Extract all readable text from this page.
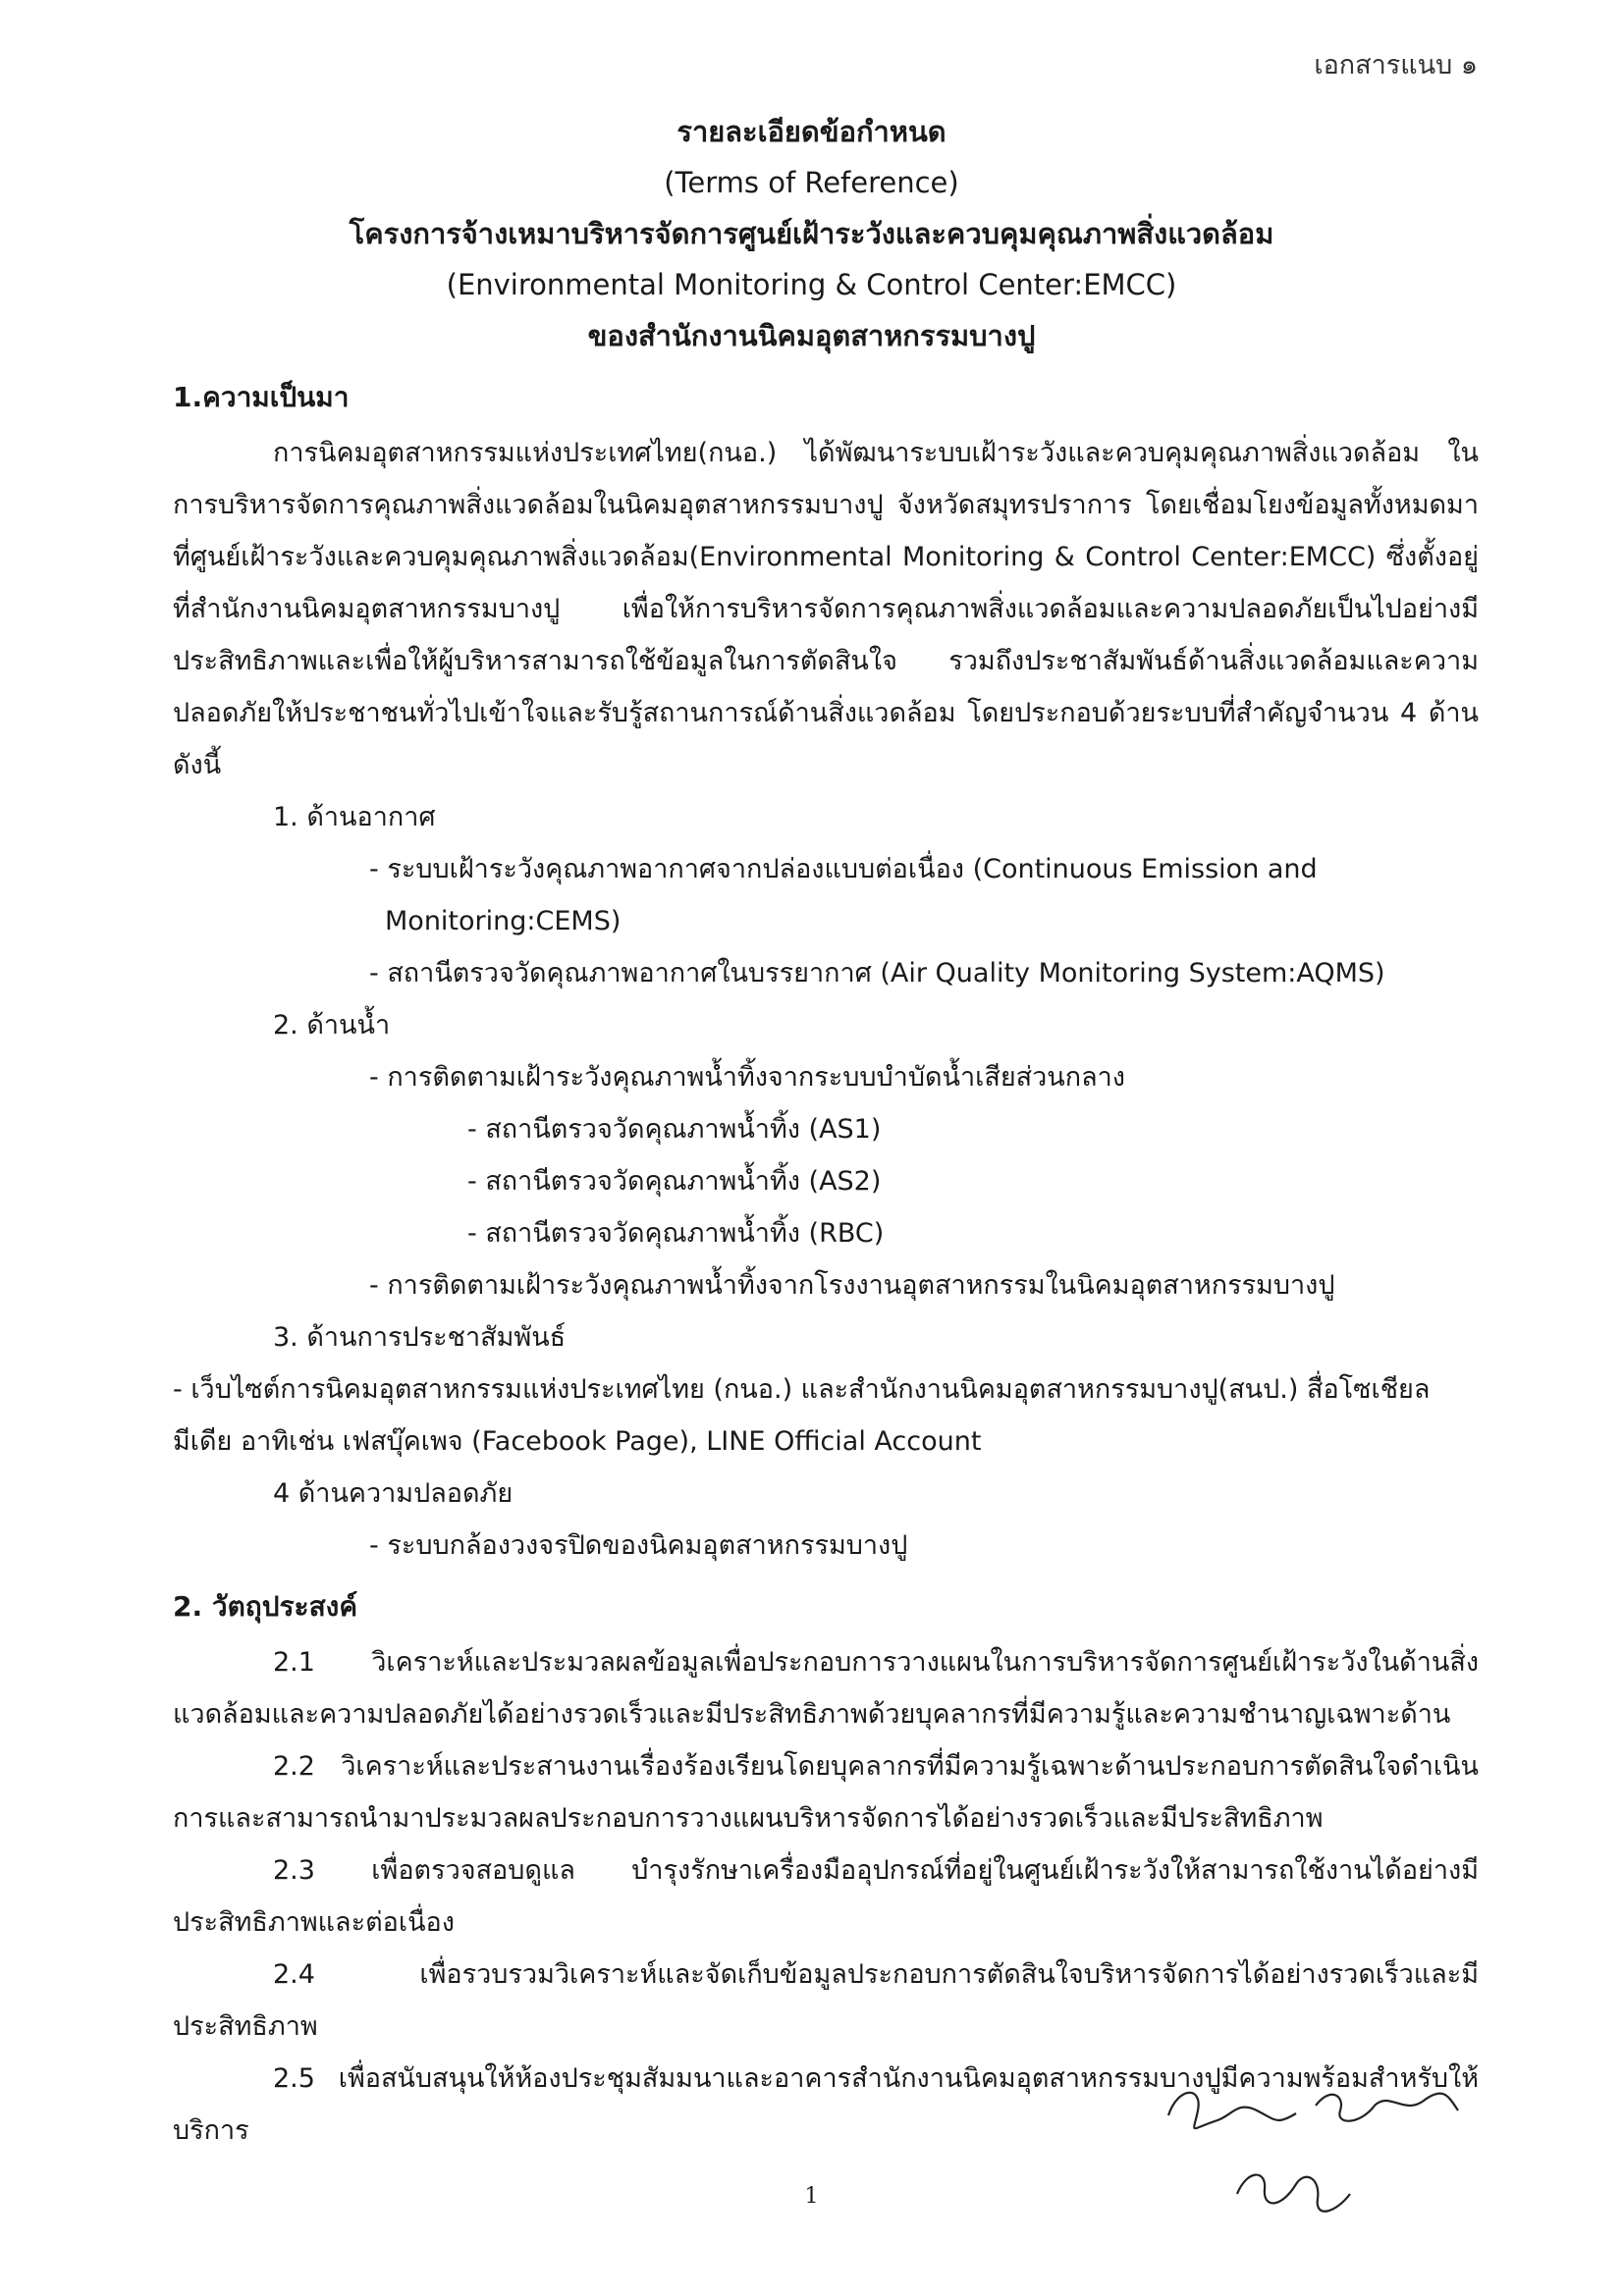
เอกสารแนบ ๑
รายละเอียดข้อกำหนด
(Terms of Reference)
โครงการจ้างเหมาบริหารจัดการศูนย์เฝ้าระวังและควบคุมคุณภาพสิ่งแวดล้อม
(Environmental Monitoring & Control Center:EMCC)
ของสำนักงานนิคมอุตสาหกรรมบางปู
1.ความเป็นมา
การนิคมอุตสาหกรรมแห่งประเทศไทย(กนอ.) ได้พัฒนาระบบเฝ้าระวังและควบคุมคุณภาพสิ่งแวดล้อม ในการบริหารจัดการคุณภาพสิ่งแวดล้อมในนิคมอุตสาหกรรมบางปู จังหวัดสมุทรปราการ โดยเชื่อมโยงข้อมูลทั้งหมดมาที่ศูนย์เฝ้าระวังและควบคุมคุณภาพสิ่งแวดล้อม(Environmental Monitoring & Control Center:EMCC) ซึ่งตั้งอยู่ที่สำนักงานนิคมอุตสาหกรรมบางปู เพื่อให้การบริหารจัดการคุณภาพสิ่งแวดล้อมและความปลอดภัยเป็นไปอย่างมีประสิทธิภาพและเพื่อให้ผู้บริหารสามารถใช้ข้อมูลในการตัดสินใจ รวมถึงประชาสัมพันธ์ด้านสิ่งแวดล้อมและความปลอดภัยให้ประชาชนทั่วไปเข้าใจและรับรู้สถานการณ์ด้านสิ่งแวดล้อม โดยประกอบด้วยระบบที่สำคัญจำนวน 4 ด้าน ดังนี้
1. ด้านอากาศ
- ระบบเฝ้าระวังคุณภาพอากาศจากปล่องแบบต่อเนื่อง (Continuous Emission and
Monitoring:CEMS)
- สถานีตรวจวัดคุณภาพอากาศในบรรยากาศ (Air Quality Monitoring System:AQMS)
2. ด้านน้ำ
- การติดตามเฝ้าระวังคุณภาพน้ำทิ้งจากระบบบำบัดน้ำเสียส่วนกลาง
- สถานีตรวจวัดคุณภาพน้ำทิ้ง (AS1)
- สถานีตรวจวัดคุณภาพน้ำทิ้ง (AS2)
- สถานีตรวจวัดคุณภาพน้ำทิ้ง (RBC)
- การติดตามเฝ้าระวังคุณภาพน้ำทิ้งจากโรงงานอุตสาหกรรมในนิคมอุตสาหกรรมบางปู
3. ด้านการประชาสัมพันธ์
- เว็บไซต์การนิคมอุตสาหกรรมแห่งประเทศไทย (กนอ.) และสำนักงานนิคมอุตสาหกรรมบางปู(สนป.) สื่อโซเชียล
มีเดีย อาทิเช่น เฟสบุ๊คเพจ (Facebook Page), LINE Official Account
4 ด้านความปลอดภัย
- ระบบกล้องวงจรปิดของนิคมอุตสาหกรรมบางปู
2. วัตถุประสงค์
2.1 วิเคราะห์และประมวลผลข้อมูลเพื่อประกอบการวางแผนในการบริหารจัดการศูนย์เฝ้าระวังในด้านสิ่งแวดล้อมและความปลอดภัยได้อย่างรวดเร็วและมีประสิทธิภาพด้วยบุคลากรที่มีความรู้และความชำนาญเฉพาะด้าน
2.2 วิเคราะห์และประสานงานเรื่องร้องเรียนโดยบุคลากรที่มีความรู้เฉพาะด้านประกอบการตัดสินใจดำเนินการและสามารถนำมาประมวลผลประกอบการวางแผนบริหารจัดการได้อย่างรวดเร็วและมีประสิทธิภาพ
2.3 เพื่อตรวจสอบดูแล บำรุงรักษาเครื่องมืออุปกรณ์ที่อยู่ในศูนย์เฝ้าระวังให้สามารถใช้งานได้อย่างมีประสิทธิภาพและต่อเนื่อง
2.4 เพื่อรวบรวมวิเคราะห์และจัดเก็บข้อมูลประกอบการตัดสินใจบริหารจัดการได้อย่างรวดเร็วและมีประสิทธิภาพ
2.5 เพื่อสนับสนุนให้ห้องประชุมสัมมนาและอาคารสำนักงานนิคมอุตสาหกรรมบางปูมีความพร้อมสำหรับให้บริการ
1
